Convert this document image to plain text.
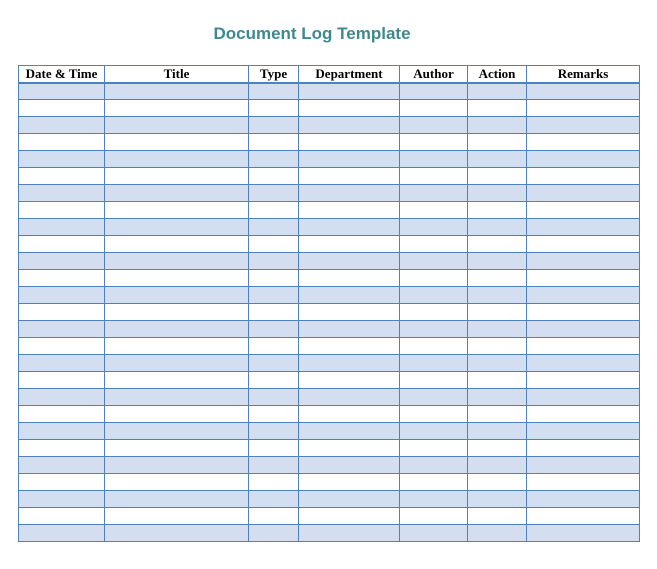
Document Log Template
Date & Time	Title	Type	Department	Author	Action	Remarks
